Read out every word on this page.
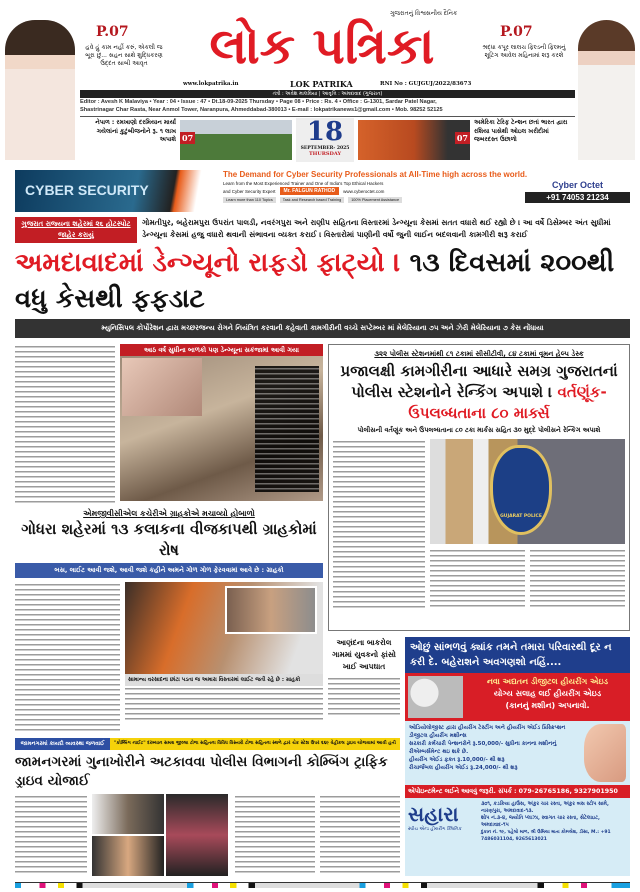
P.07
હવે હું કામ નહીં કરું, એકલી જ બૂરા છું... સહન સાથે શુદ્ધિકરણ ઉદ્દત સાબી આવૃત	લોક પત્રિકા
ગુજરાતનું વિશ્વસનીય દૈનિક
P.07
શ્રદ્ધા કપૂર લાલચ ફિલ્ડની ફિલ્મનું શૂટિંગ આવેલ મહિનામાં શરૂ કરશે
www.lokpatrika.in	LOK PATRIKA	RNI No : GUJGUJ/2022/83673
તંત્રી : અવેશ માલવિયા | આવૃત્તિ : અમદાવાદ (ગુજરાત)
Editor : Avesh K Malaviya • Year : 04 • Issue : 47 • Dt.18-09-2025 Thursday • Page 08 • Price : Rs. 4 • Office : G-1301, Sardar Patel Nagar,
Shastrinagar Char Rasta, Near Anmol Tower, Naranpura, Ahmeddabad-380013 • E-mail : lokpatrikanews1@gmail.com • Mob. 98252 52125
નેપાળ : રમખાણો દરમિયાન માર્યા ગયેલાંનાં કુટુંબીજનોને રૂ. ૧ લાખ અપાશે 07	18
SEPTEMBER- 2025
THURSDAY
07
અમેરિકા ટેરિફ ટેન્શન છતાં ભારત દ્વારા રશિયા પાસેથી ઓઇલ ખરીદીમાં જબરદસ્ત ઉછાળો
CYBER SECURITY
The Demand for Cyber Security Professionals at All-Time high across the world.
Learn from the Most Experienced Trainer and One of India's Top Ethical Hackers
and Cyber Security Expert	Mr. FALGUN RATHOD	www.cyberoctet.com
Learn more than 110 Topics	Task and Research based Training	100% Placement Assistance
Cyber Octet
+91 74053 21234
ગુજરાત રાજ્યના શહેરમાં ૨૬ હોટસ્પોટ જાહેર કરાયું
ગોમતીપુર, બહેરામપુરા ઉપરાંત પાલડી, નવરંગપુરા અને રાણીપ સહિતના વિસ્તારમાં ડેન્ગ્યૂના કેસમાં સતત વધારો થઈ રહ્યો છે । આ વર્ષે ડિસેમ્બર અંત સુધીમાં ડેન્ગ્યૂના કેસમાં હજુ વધારો થવાની સંભાવના વ્યક્ત કરાઈ । વિસ્તારોમાં પાણીની વર્ષો જુની લાઈન બદલવાની કામગીરી શરૂ કરાઈ
અમદાવાદમાં ડેન્ગ્યૂનો રાફડો ફાટ્યો । ૧૩ દિવસમાં ૨૦૦થી વધુ કેસથી ફફડાટ
મ્યુનિસિપલ કોર્પોરેશન દ્વારા મચ્છરજન્ય રોગને નિયંત્રિત કરવાની કહેવાતી કામગીરીની વચ્ચે સપ્ટેમ્બર માં મેલેરિયાના ૭૫ અને ઝેરી મેલેરિયાના ૭ કેસ નોંધાયા
આઠ વર્ષ સુધીના બાળકો પણ ડેન્ગ્યૂના સકંજામાં આવી ગયા
એમજીવીસીએલ કચેરીએ ગ્રાહકોએ મચાવ્યો હોબાળો
ગોધરા શહેરમાં ૧૩ કલાકના વીજકાપથી ગ્રાહકોમાં રોષ
બસ, લાઈટ આવી જશે, આવી જશે કહીને અમને ગોળ ગોળ ફેરવવામાં આવે છે : ગ્રાહકો
સામાન્ય વરસાદના છાંટા પડતા જ અમારા વિસ્તારમાં લાઈટ જતી રહે છે : ગ્રાહકો
૩૨૨ પોલીસ સ્ટેશનમાંથી ૮૧ ટકામાં સીસીટીવી, ૮૪ ટકામાં વૂમન હેલ્પ ડેસ્ક
પ્રજાલક્ષી કામગીરીના આધારે સમગ્ર ગુજરાતનાં પોલીસ સ્ટેશનોને રેન્કિંગ અપાશે । વર્તણૂંક-ઉપલબ્ધતાના ૮૦ માર્ક્સ
પોલીસની વર્તણૂંક અને ઉપલબ્ધતાના ૮૦ ટકા માર્કસ સહિત ૩૦ મુદ્દે પોલીસને રેન્કિંગ અપાશે
GUJARAT POLICE
આણંદના બાકરોલ ગામમાં યુવકનો ફાંસો ખાઈ આપઘાત
ઓછું સાંભળવું ક્યાંક તમને તમારા પરિવારથી દૂર ન કરી દે. બહેરાશને અવગણશો નહિં....
નવા અદ્યતન ડીજીટલ હીયરીંગ એઇડ
યોગ્ય સલાહ લઈ હીયરીંગ એઇડ
(કાનનું મશીન) અપનાવો.
ઓડિયોલોજીસ્ટ દ્વારા હીયરીંગ ટેસ્ટીંગ અને હીયરીંગ એઈડ પ્રિસ્ક્રિપ્શન
ડીજીટલ હીયરીંગ મશીન્સ
સરકારી કર્મચારી પેન્શનરોને રૂ.50,000/- સુધીના કાનના મશીનનું રીએમ્બર્સમેન્ટ થઇ શકે છે.
હીયરીંગ એઈડ ફક્ત રૂ.10,000/- થી શરૂ
રીચાર્જેબલ હીયરીંગ એઈડ રૂ.24,000/- થી શરૂ
એપોઇન્ટમેન્ટ લઈને આવવું જરૂરી. સંપર્ક : 079-26765186, 9327901950
સહારા
સ્પીચ એન્ડ હીયરીંગ ક્લિનિક
૩૦૧, કડકિયા હાઉસ, અંકુર ચાર રસ્તા, અંકુર બસ સ્ટોપ સામે, નારણપુરા, અમદાવાદ-૧૩.
શોપ નં.૩-૪, જ્યોતિ પ્લાઝા, સ્વાગત ચાર રસ્તા, સેટેલાઇટ, અમદાવાદ-૧૫
દુકાન નં. ૧૯, પહેલો માળ, શ્રી ઉમિયા માતા કોમ્પ્લેક્ષ, ડીસા, M.: +91 7486031104, 9265613021
જામનગરમાં કાયદો વ્યવસ્થા જળવાઈ	"કોમ્બિંગ નાઈટ" દરમ્યાન સમગ્ર જીલ્લા ટોળા સહિતના વિવિધ વિસ્તારો ટોળા સહિતના સ્થળે દ્વાર ચેક સ્ટેશ ઉપર ૬૬૯ વેહીકલ ડ્રાઇવ યોજવામાં આવી હતી
જામનગરમાં ગુનાખોરીને અટકાવવા પોલીસ વિભાગની કોમ્બિંગ ટ્રાફિક ડ્રાઇવ યોજાઈ
